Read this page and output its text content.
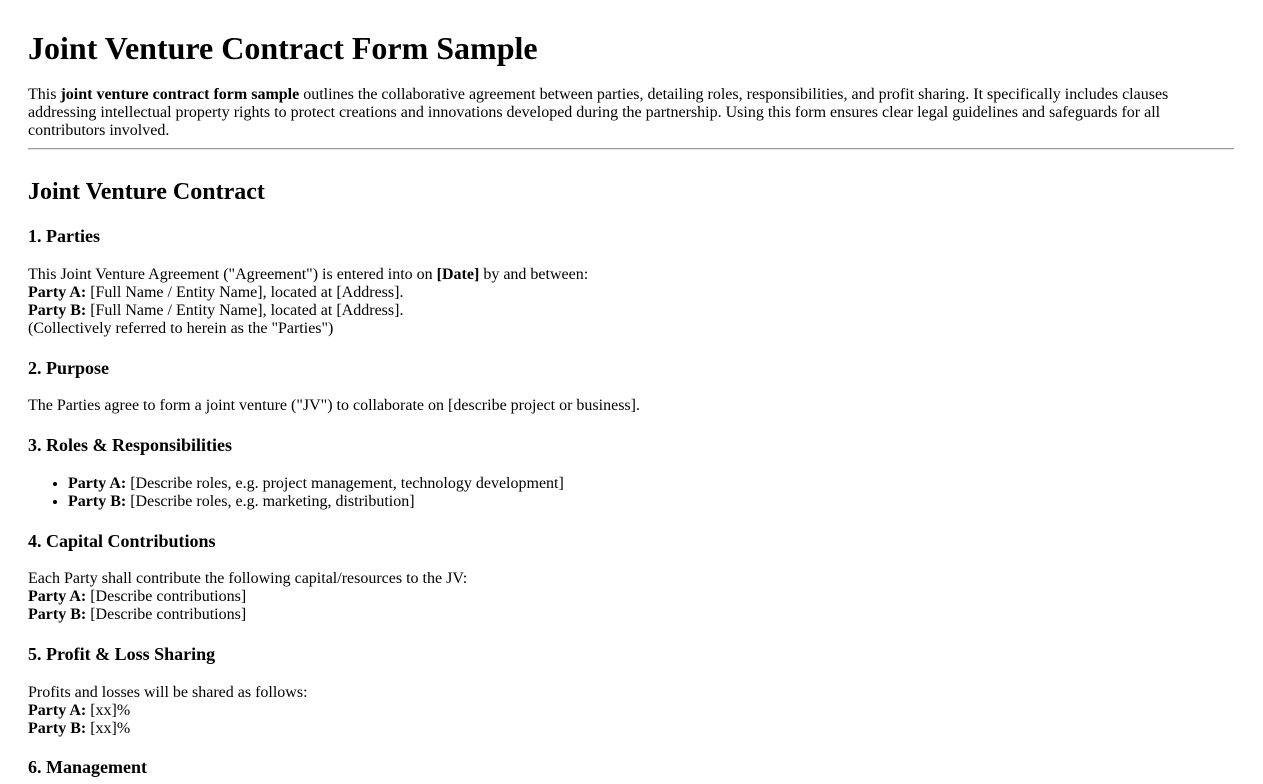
Joint Venture Contract Form Sample

This joint venture contract form sample outlines the collaborative agreement between parties, detailing roles, responsibilities, and profit sharing. It specifically includes clauses addressing intellectual property rights to protect creations and innovations developed during the partnership. Using this form ensures clear legal guidelines and safeguards for all contributors involved.

Joint Venture Contract
1. Parties
This Joint Venture Agreement ("Agreement") is entered into on [Date] by and between:
Party A: [Full Name / Entity Name], located at [Address].
Party B: [Full Name / Entity Name], located at [Address].
(Collectively referred to herein as the "Parties")
2. Purpose
The Parties agree to form a joint venture ("JV") to collaborate on [describe project or business].
3. Roles & Responsibilities
• Party A: [Describe roles, e.g. project management, technology development]
• Party B: [Describe roles, e.g. marketing, distribution]
4. Capital Contributions
Each Party shall contribute the following capital/resources to the JV:
Party A: [Describe contributions]
Party B: [Describe contributions]
5. Profit & Loss Sharing
Profits and losses will be shared as follows:
Party A: [xx]%
Party B: [xx]%
6. Management
